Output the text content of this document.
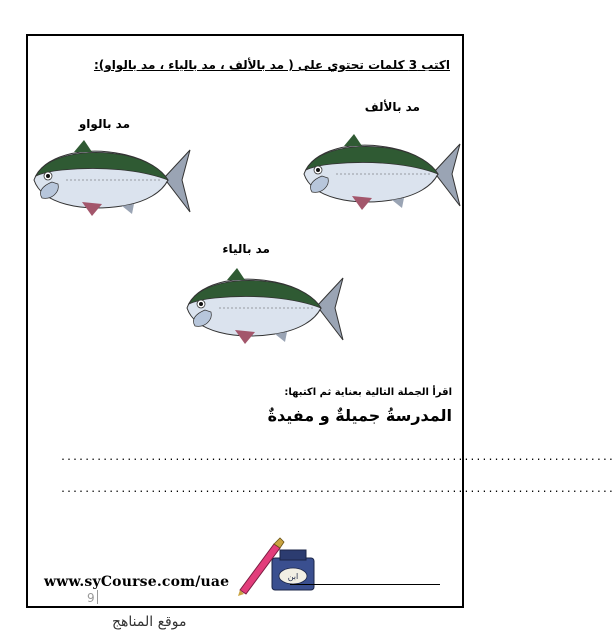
اكتب 3 كلمات تحتوي على ( مد بالألف ، مد بالياء ، مد بالواو):
مد بالألف
مد بالواو
مد بالياء
اقرأ الجملة التالية بعناية ثم اكتبها:
المدرسةُ جميلةٌ و مفيدةٌ
............................................................................................
............................................................................................
ابن
www.syCourse.com/uae
9
موقع المناهج
